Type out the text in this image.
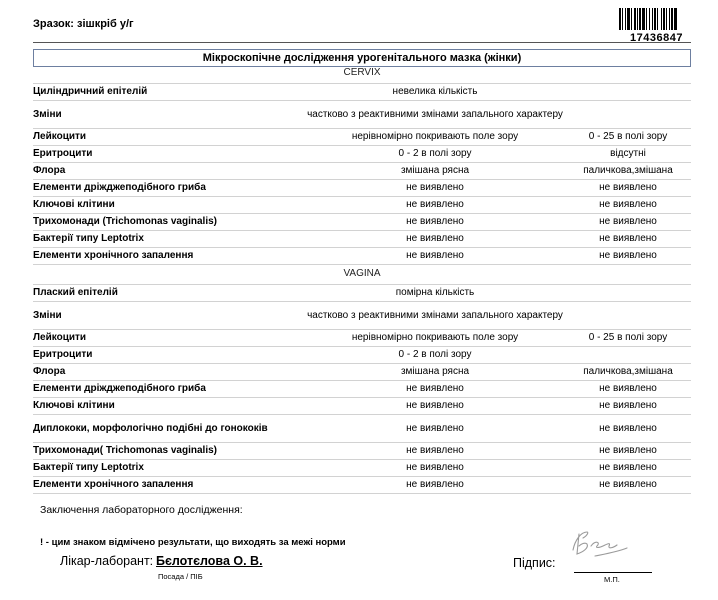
Зразок: зішкріб у/г
17436847
Мікроскопічне дослідження урогенітального мазка (жінки)
CERVIX
Циліндричний епітелій	невелика кількість
Зміни	частково з реактивними змінами запального характеру
Лейкоцити	нерівномірно покривають поле зору	0 - 25 в полі зору
Еритроцити	0 - 2 в полі зору	відсутні
Флора	змішана рясна	паличкова,змішана
Елементи дріжджеподібного гриба	не виявлено	не виявлено
Ключові клітини	не виявлено	не виявлено
Трихомонади (Trichomonas vaginalis)	не виявлено	не виявлено
Бактерії типу Leptotrix	не виявлено	не виявлено
Елементи хронічного запалення	не виявлено	не виявлено
VAGINA
Плаский епітелій	помірна кількість
Зміни	частково з реактивними змінами запального характеру
Лейкоцити	нерівномірно покривають поле зору	0 - 25 в полі зору
Еритроцити	0 - 2 в полі зору
Флора	змішана рясна	паличкова,змішана
Елементи дріжджеподібного гриба	не виявлено	не виявлено
Ключові клітини	не виявлено	не виявлено
Диплококи, морфологічно подібні до гонококів	не виявлено	не виявлено
Трихомонади( Trichomonas vaginalis)	не виявлено	не виявлено
Бактерії типу Leptotrix	не виявлено	не виявлено
Елементи хронічного запалення	не виявлено	не виявлено
Заключення лабораторного дослідження:
! - цим знаком відмічено результати, що виходять за межі норми
Лікар-лаборант: Бєлотєлова О. В.
Посада / ПІБ
Підпис:
М.П.
